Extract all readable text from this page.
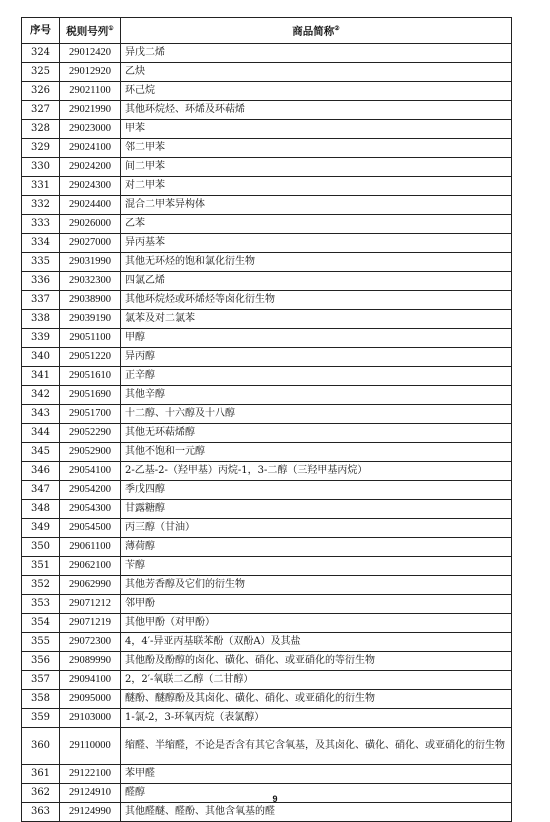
序号	税则号列①	商品简称②
324	29012420	异戊二烯
325	29012920	乙炔
326	29021100	环己烷
327	29021990	其他环烷烃、环烯及环萜烯
328	29023000	甲苯
329	29024100	邻二甲苯
330	29024200	间二甲苯
331	29024300	对二甲苯
332	29024400	混合二甲苯异构体
333	29026000	乙苯
334	29027000	异丙基苯
335	29031990	其他无环烃的饱和氯化衍生物
336	29032300	四氯乙烯
337	29038900	其他环烷烃或环烯烃等卤化衍生物
338	29039190	氯苯及对二氯苯
339	29051100	甲醇
340	29051220	异丙醇
341	29051610	正辛醇
342	29051690	其他辛醇
343	29051700	十二醇、十六醇及十八醇
344	29052290	其他无环萜烯醇
345	29052900	其他不饱和一元醇
346	29054100	2-乙基-2-（羟甲基）丙烷-1，3-二醇（三羟甲基丙烷）
347	29054200	季戊四醇
348	29054300	甘露糖醇
349	29054500	丙三醇（甘油）
350	29061100	薄荷醇
351	29062100	苄醇
352	29062990	其他芳香醇及它们的衍生物
353	29071212	邻甲酚
354	29071219	其他甲酚（对甲酚）
355	29072300	4，4′-异亚丙基联苯酚（双酚A）及其盐
356	29089990	其他酚及酚醇的卤化、磺化、硝化、或亚硝化的等衍生物
357	29094100	2，2′-氧联二乙醇（二甘醇）
358	29095000	醚酚、醚醇酚及其卤化、磺化、硝化、或亚硝化的衍生物
359	29103000	1-氯-2，3-环氧丙烷（表氯醇）
360	29110000	缩醛、半缩醛，不论是否含有其它含氧基，及其卤化、磺化、硝化、或亚硝化的衍生物
361	29122100	苯甲醛
362	29124910	醛醇
363	29124990	其他醛醚、醛酚、其他含氧基的醛
9
